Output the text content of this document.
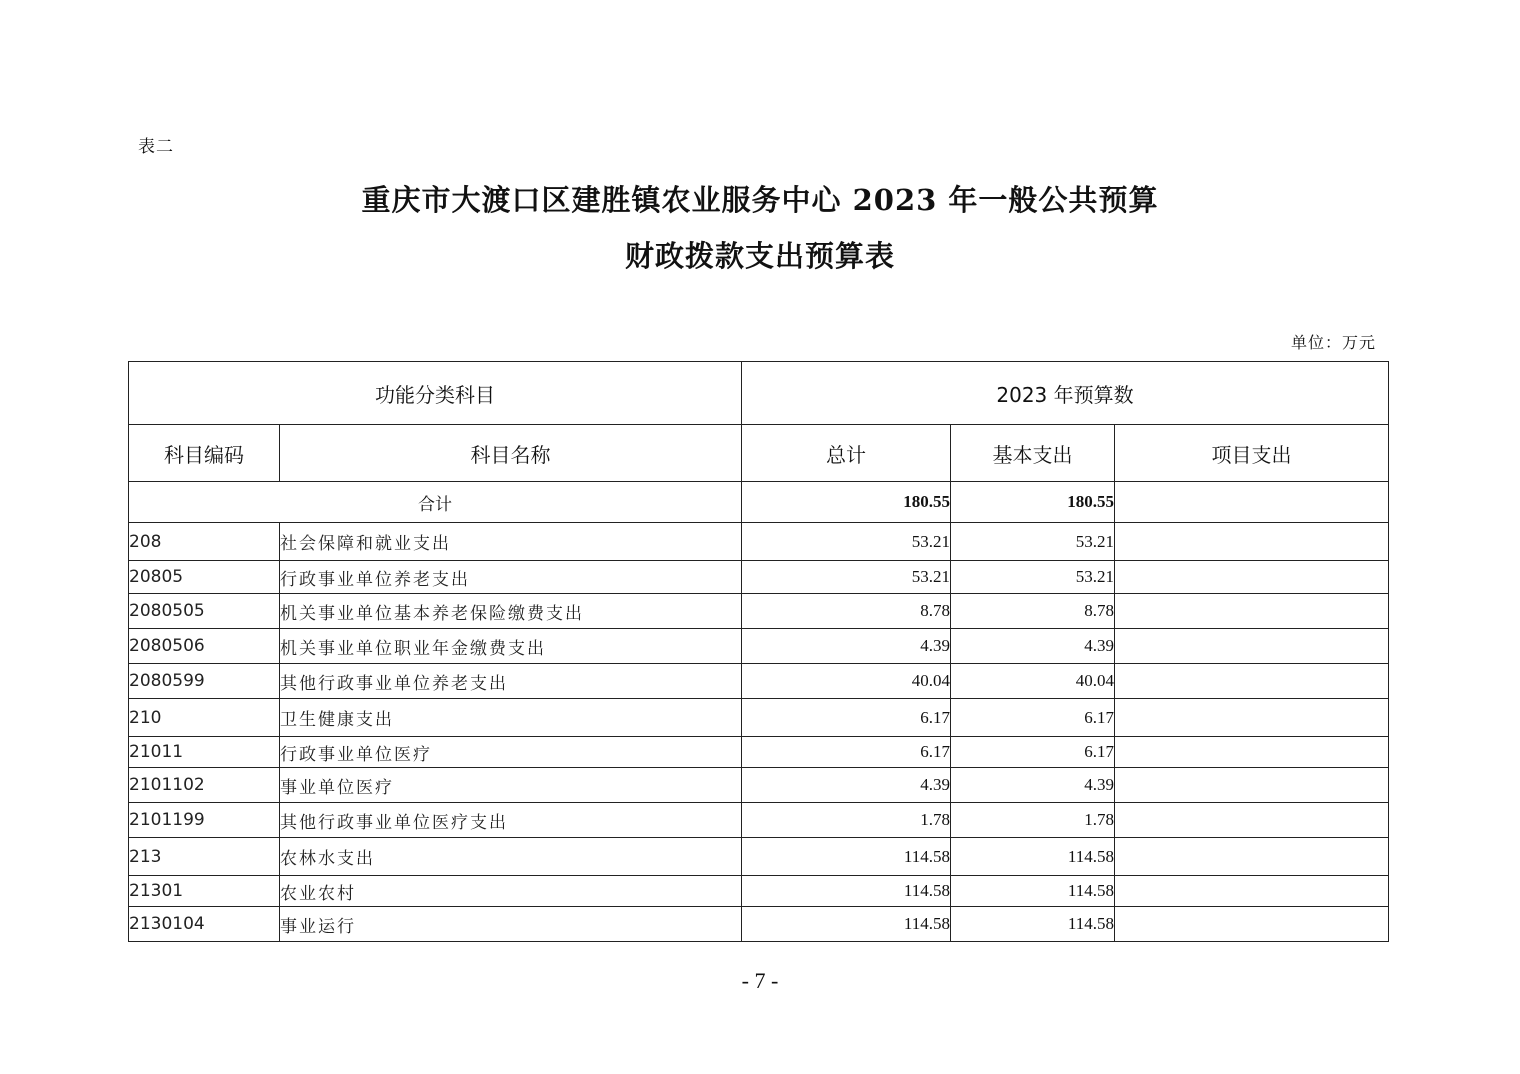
表二
重庆市大渡口区建胜镇农业服务中心 2023 年一般公共预算
财政拨款支出预算表
单位：万元
功能分类科目		2023 年预算数		
科目编码	科目名称	总计	基本支出	项目支出
合计		180.55	180.55	
208	社会保障和就业支出	53.21	53.21	
20805	行政事业单位养老支出	53.21	53.21	
2080505	机关事业单位基本养老保险缴费支出	8.78	8.78	
2080506	机关事业单位职业年金缴费支出	4.39	4.39	
2080599	其他行政事业单位养老支出	40.04	40.04	
210	卫生健康支出	6.17	6.17	
21011	行政事业单位医疗	6.17	6.17	
2101102	事业单位医疗	4.39	4.39	
2101199	其他行政事业单位医疗支出	1.78	1.78	
213	农林水支出	114.58	114.58	
21301	农业农村	114.58	114.58	
2130104	事业运行	114.58	114.58	
- 7 -
